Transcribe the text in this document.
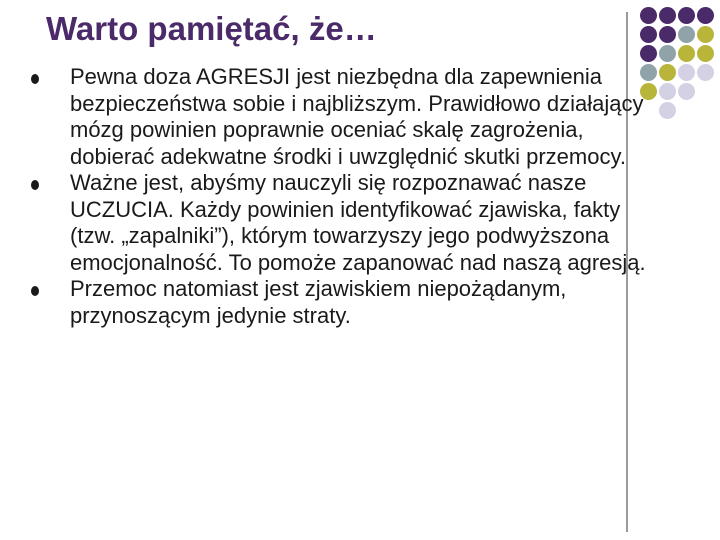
Warto pamiętać, że…
Pewna doza AGRESJI jest niezbędna dla zapewnienia bezpieczeństwa sobie i najbliższym. Prawidłowo działający mózg powinien poprawnie oceniać skalę zagrożenia, dobierać adekwatne środki i uwzględnić skutki przemocy.
Ważne jest, abyśmy nauczyli się rozpoznawać nasze UCZUCIA. Każdy powinien identyfikować zjawiska, fakty (tzw. „zapalniki”), którym towarzyszy jego podwyższona emocjonalność. To pomoże zapanować nad naszą agresją.
Przemoc natomiast jest zjawiskiem niepożądanym, przynoszącym jedynie straty.
